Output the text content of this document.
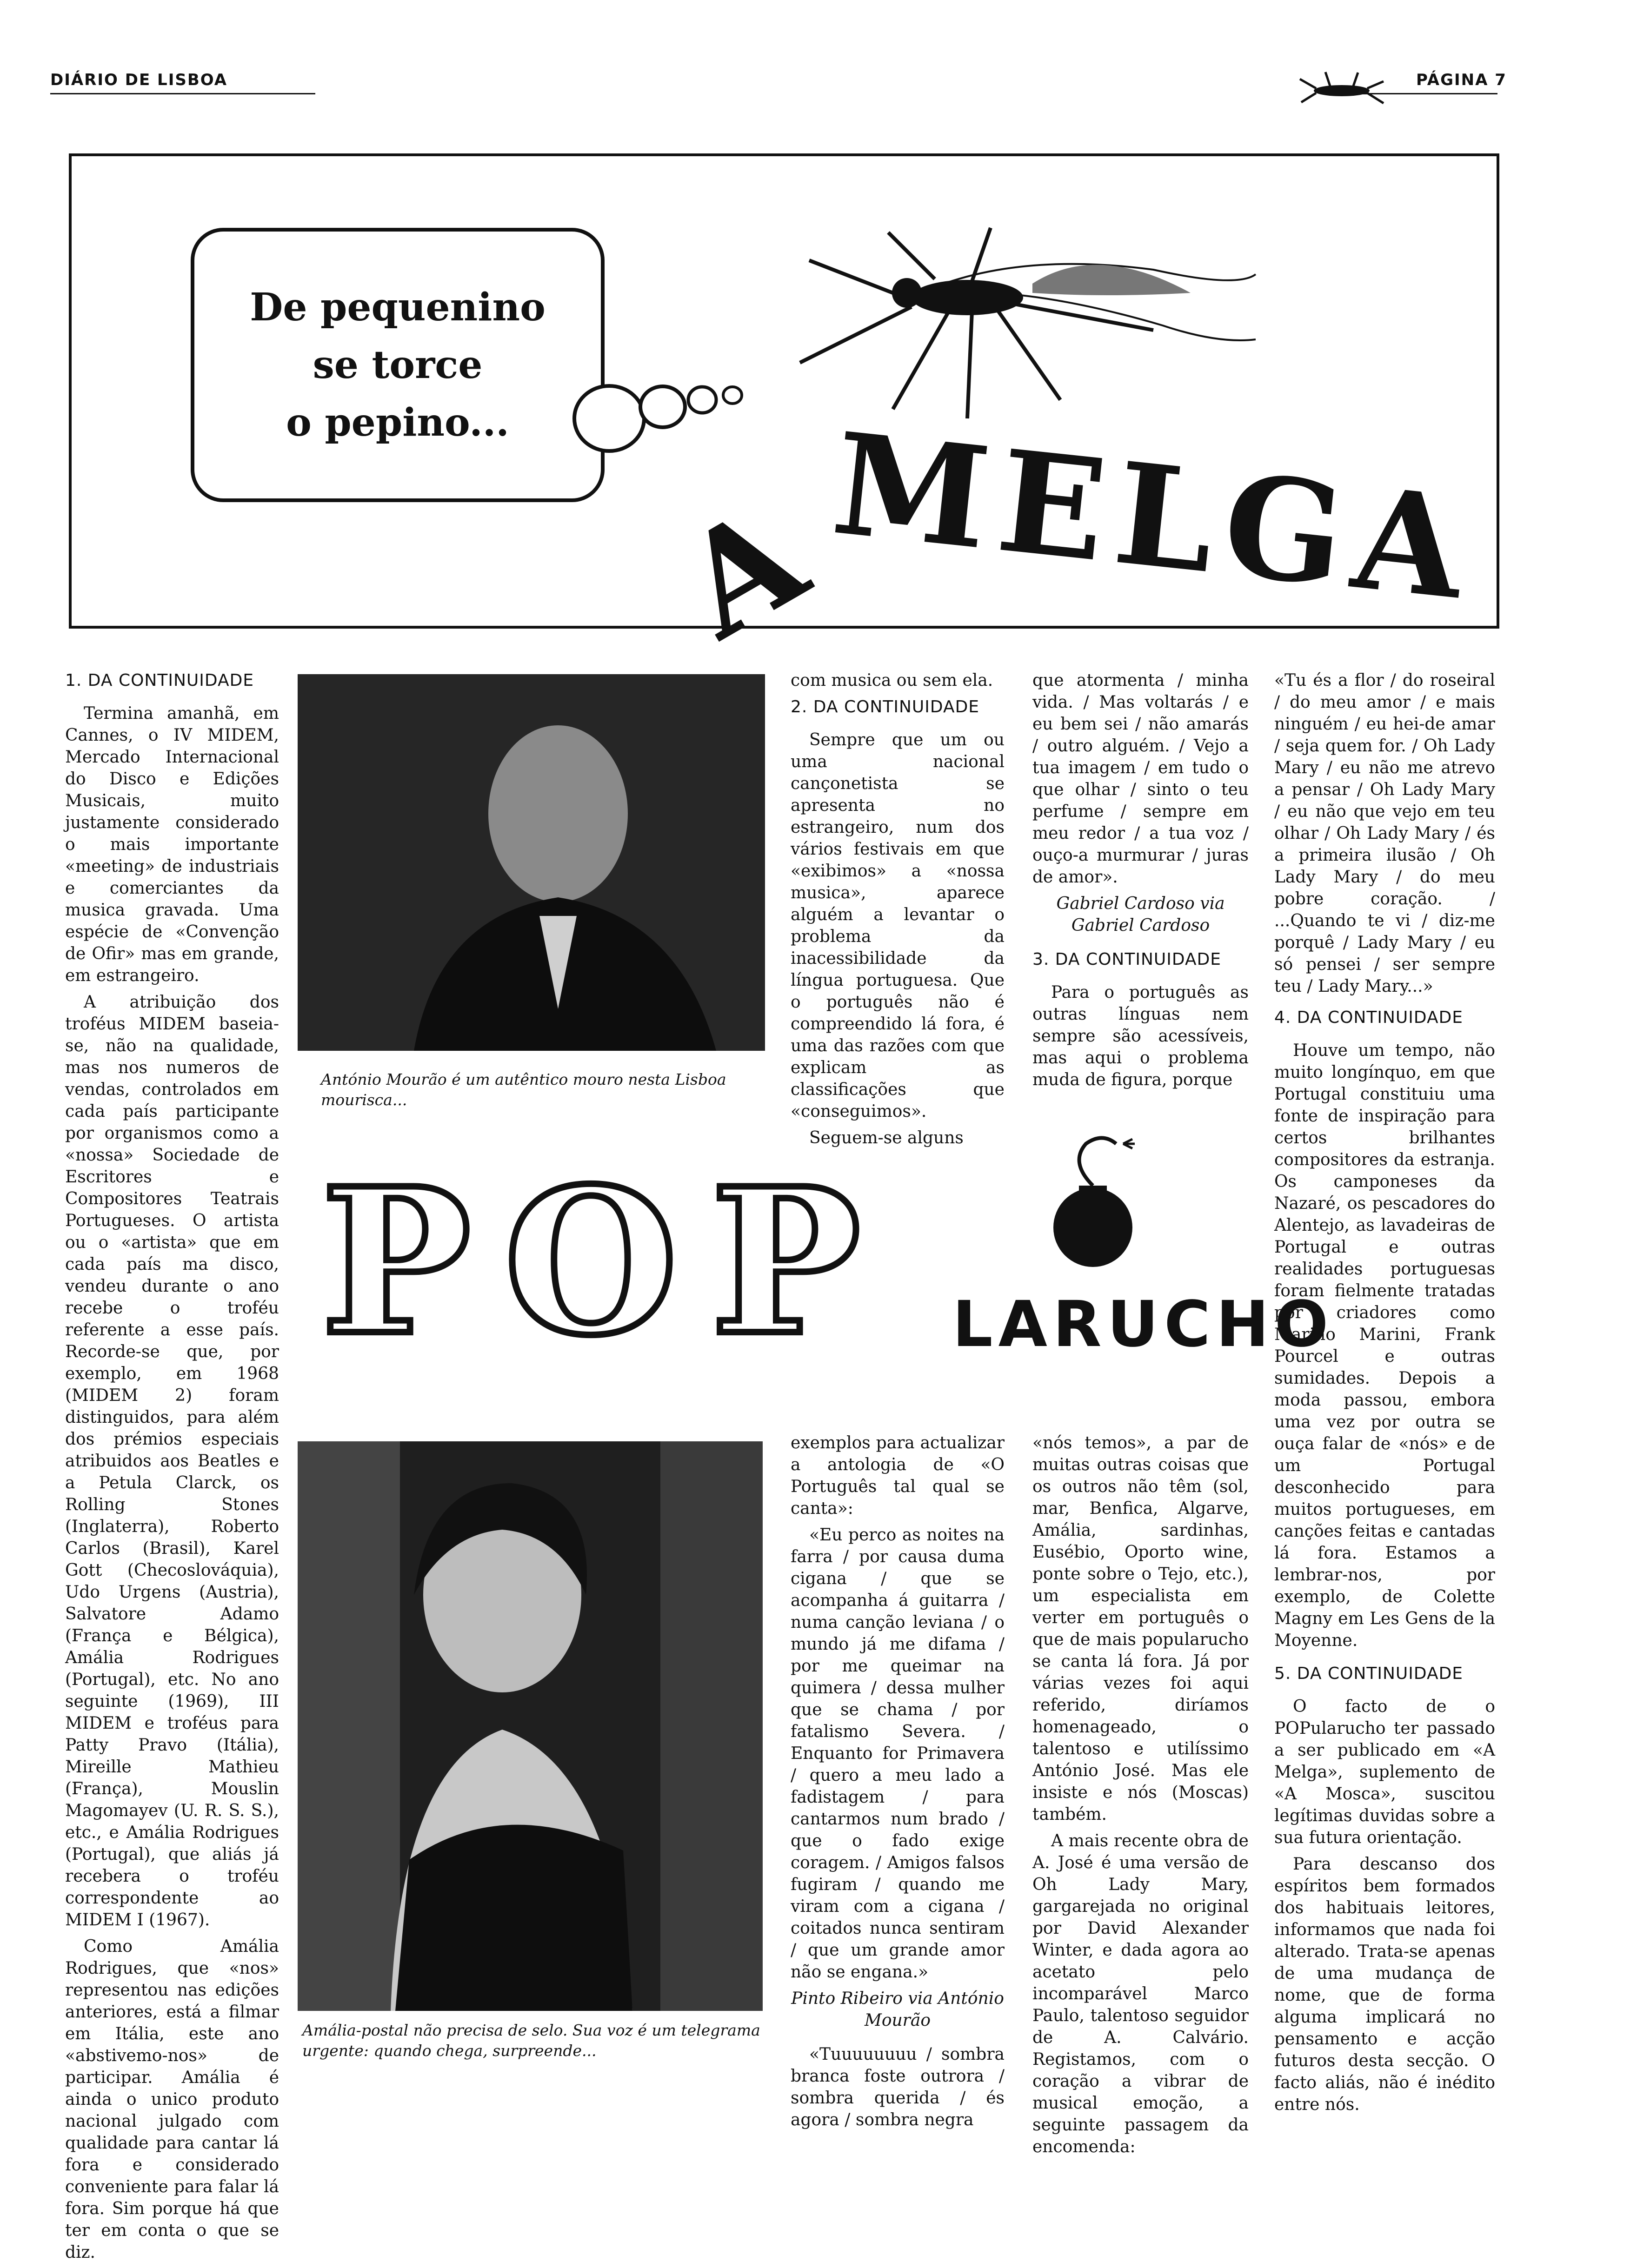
DIÁRIO DE LISBOA	PÁGINA 7
De pequenino
se torce
o pepino...
A
MELGA
1. DA CONTINUIDADE

Termina amanhã, em Cannes, o IV MIDEM, Mercado Internacional do Disco e Edições Musicais, muito justamente considerado o mais importante «meeting» de industriais e comerciantes da musica gravada. Uma espécie de «Convenção de Ofir» mas em grande, em estrangeiro.

A atribuição dos troféus MIDEM baseia-se, não na qualidade, mas nos numeros de vendas, controlados em cada país participante por organismos como a «nossa» Sociedade de Escritores e Compositores Teatrais Portugueses. O artista ou o «artista» que em cada país ma disco, vendeu durante o ano recebe o troféu referente a esse país. Recorde-se que, por exemplo, em 1968 (MIDEM 2) foram distinguidos, para além dos prémios especiais atribuidos aos Beatles e a Petula Clarck, os Rolling Stones (Inglaterra), Roberto Carlos (Brasil), Karel Gott (Checoslováquia), Udo Urgens (Austria), Salvatore Adamo (França e Bélgica), Amália Rodrigues (Portugal), etc. No ano seguinte (1969), III MIDEM e troféus para Patty Pravo (Itália), Mireille Mathieu (França), Mouslin Magomayev (U. R. S. S.), etc., e Amália Rodrigues (Portugal), que aliás já recebera o troféu correspondente ao MIDEM I (1967).

Como Amália Rodrigues, que «nos» representou nas edições anteriores, está a filmar em Itália, este ano «abstivemo-nos» de participar. Amália é ainda o unico produto nacional julgado com qualidade para cantar lá fora e considerado conveniente para falar lá fora. Sim porque há que ter em conta o que se diz.

António Mourão é um autêntico mouro nesta Lisboa mourisca...

com musica ou sem ela.

2. DA CONTINUIDADE

Sempre que um ou uma nacional cançonetista se apresenta no estrangeiro, num dos vários festivais em que «exibimos» a «nossa musica», aparece alguém a levantar o problema da inacessibilidade da língua portuguesa. Que o português não é compreendido lá fora, é uma das razões com que explicam as classificações que «conseguimos».

Seguem-se alguns

que atormenta / minha vida. / Mas voltarás / e eu bem sei / não amarás / outro alguém. / Vejo a tua imagem / em tudo o que olhar / sinto o teu perfume / sempre em meu redor / a tua voz / ouço-a murmurar / juras de amor».

Gabriel Cardoso via Gabriel Cardoso

3. DA CONTINUIDADE

Para o português as outras línguas nem sempre são acessíveis, mas aqui o problema muda de figura, porque

«Tu és a flor / do roseiral / do meu amor / e mais ninguém / eu hei-de amar / seja quem for. / Oh Lady Mary / eu não me atrevo a pensar / Oh Lady Mary / eu não que vejo em teu olhar / Oh Lady Mary / és a primeira ilusão / Oh Lady Mary / do meu pobre coração. / ...Quando te vi / diz-me porquê / Lady Mary / eu só pensei / ser sempre teu / Lady Mary...»

4. DA CONTINUIDADE

Houve um tempo, não muito longínquo, em que Portugal constituiu uma fonte de inspiração para certos brilhantes compositores da estranja. Os camponeses da Nazaré, os pescadores do Alentejo, as lavadeiras de Portugal e outras realidades portuguesas foram fielmente tratadas por criadores como Marino Marini, Frank Pourcel e outras sumidades. Depois a moda passou, embora uma vez por outra se ouça falar de «nós» e de um Portugal desconhecido para muitos portugueses, em canções feitas e cantadas lá fora. Estamos a lembrar-nos, por exemplo, de Colette Magny em Les Gens de la Moyenne.

5. DA CONTINUIDADE

O facto de o POPularucho ter passado a ser publicado em «A Melga», suplemento de «A Mosca», suscitou legítimas duvidas sobre a sua futura orientação.

Para descanso dos espíritos bem formados dos habituais leitores, informamos que nada foi alterado. Trata-se apenas de uma mudança de nome, que de forma alguma implicará no pensamento e acção futuros desta secção. O facto aliás, não é inédito entre nós.

POP LARUCHO
Amália-postal não precisa de selo. Sua voz é um telegrama urgente: quando chega, surpreende...

exemplos para actualizar a antologia de «O Português tal qual se canta»:

«Eu perco as noites na farra / por causa duma cigana / que se acompanha á guitarra / numa canção leviana / o mundo já me difama / por me queimar na quimera / dessa mulher que se chama / por fatalismo Severa. / Enquanto for Primavera / quero a meu lado a fadistagem / para cantarmos num brado / que o fado exige coragem. / Amigos falsos fugiram / quando me viram com a cigana / coitados nunca sentiram / que um grande amor não se engana.»

Pinto Ribeiro via António Mourão

«Tuuuuuuuu / sombra branca foste outrora / sombra querida / és agora / sombra negra

«nós temos», a par de muitas outras coisas que os outros não têm (sol, mar, Benfica, Algarve, Amália, sardinhas, Eusébio, Oporto wine, ponte sobre o Tejo, etc.), um especialista em verter em português o que de mais popularucho se canta lá fora. Já por várias vezes foi aqui referido, diríamos homenageado, o talentoso e utilíssimo António José. Mas ele insiste e nós (Moscas) também.

A mais recente obra de A. José é uma versão de Oh Lady Mary, gargarejada no original por David Alexander Winter, e dada agora ao acetato pelo incomparável Marco Paulo, talentoso seguidor de A. Calvário. Registamos, com o coração a vibrar de musical emoção, a seguinte passagem da encomenda:
